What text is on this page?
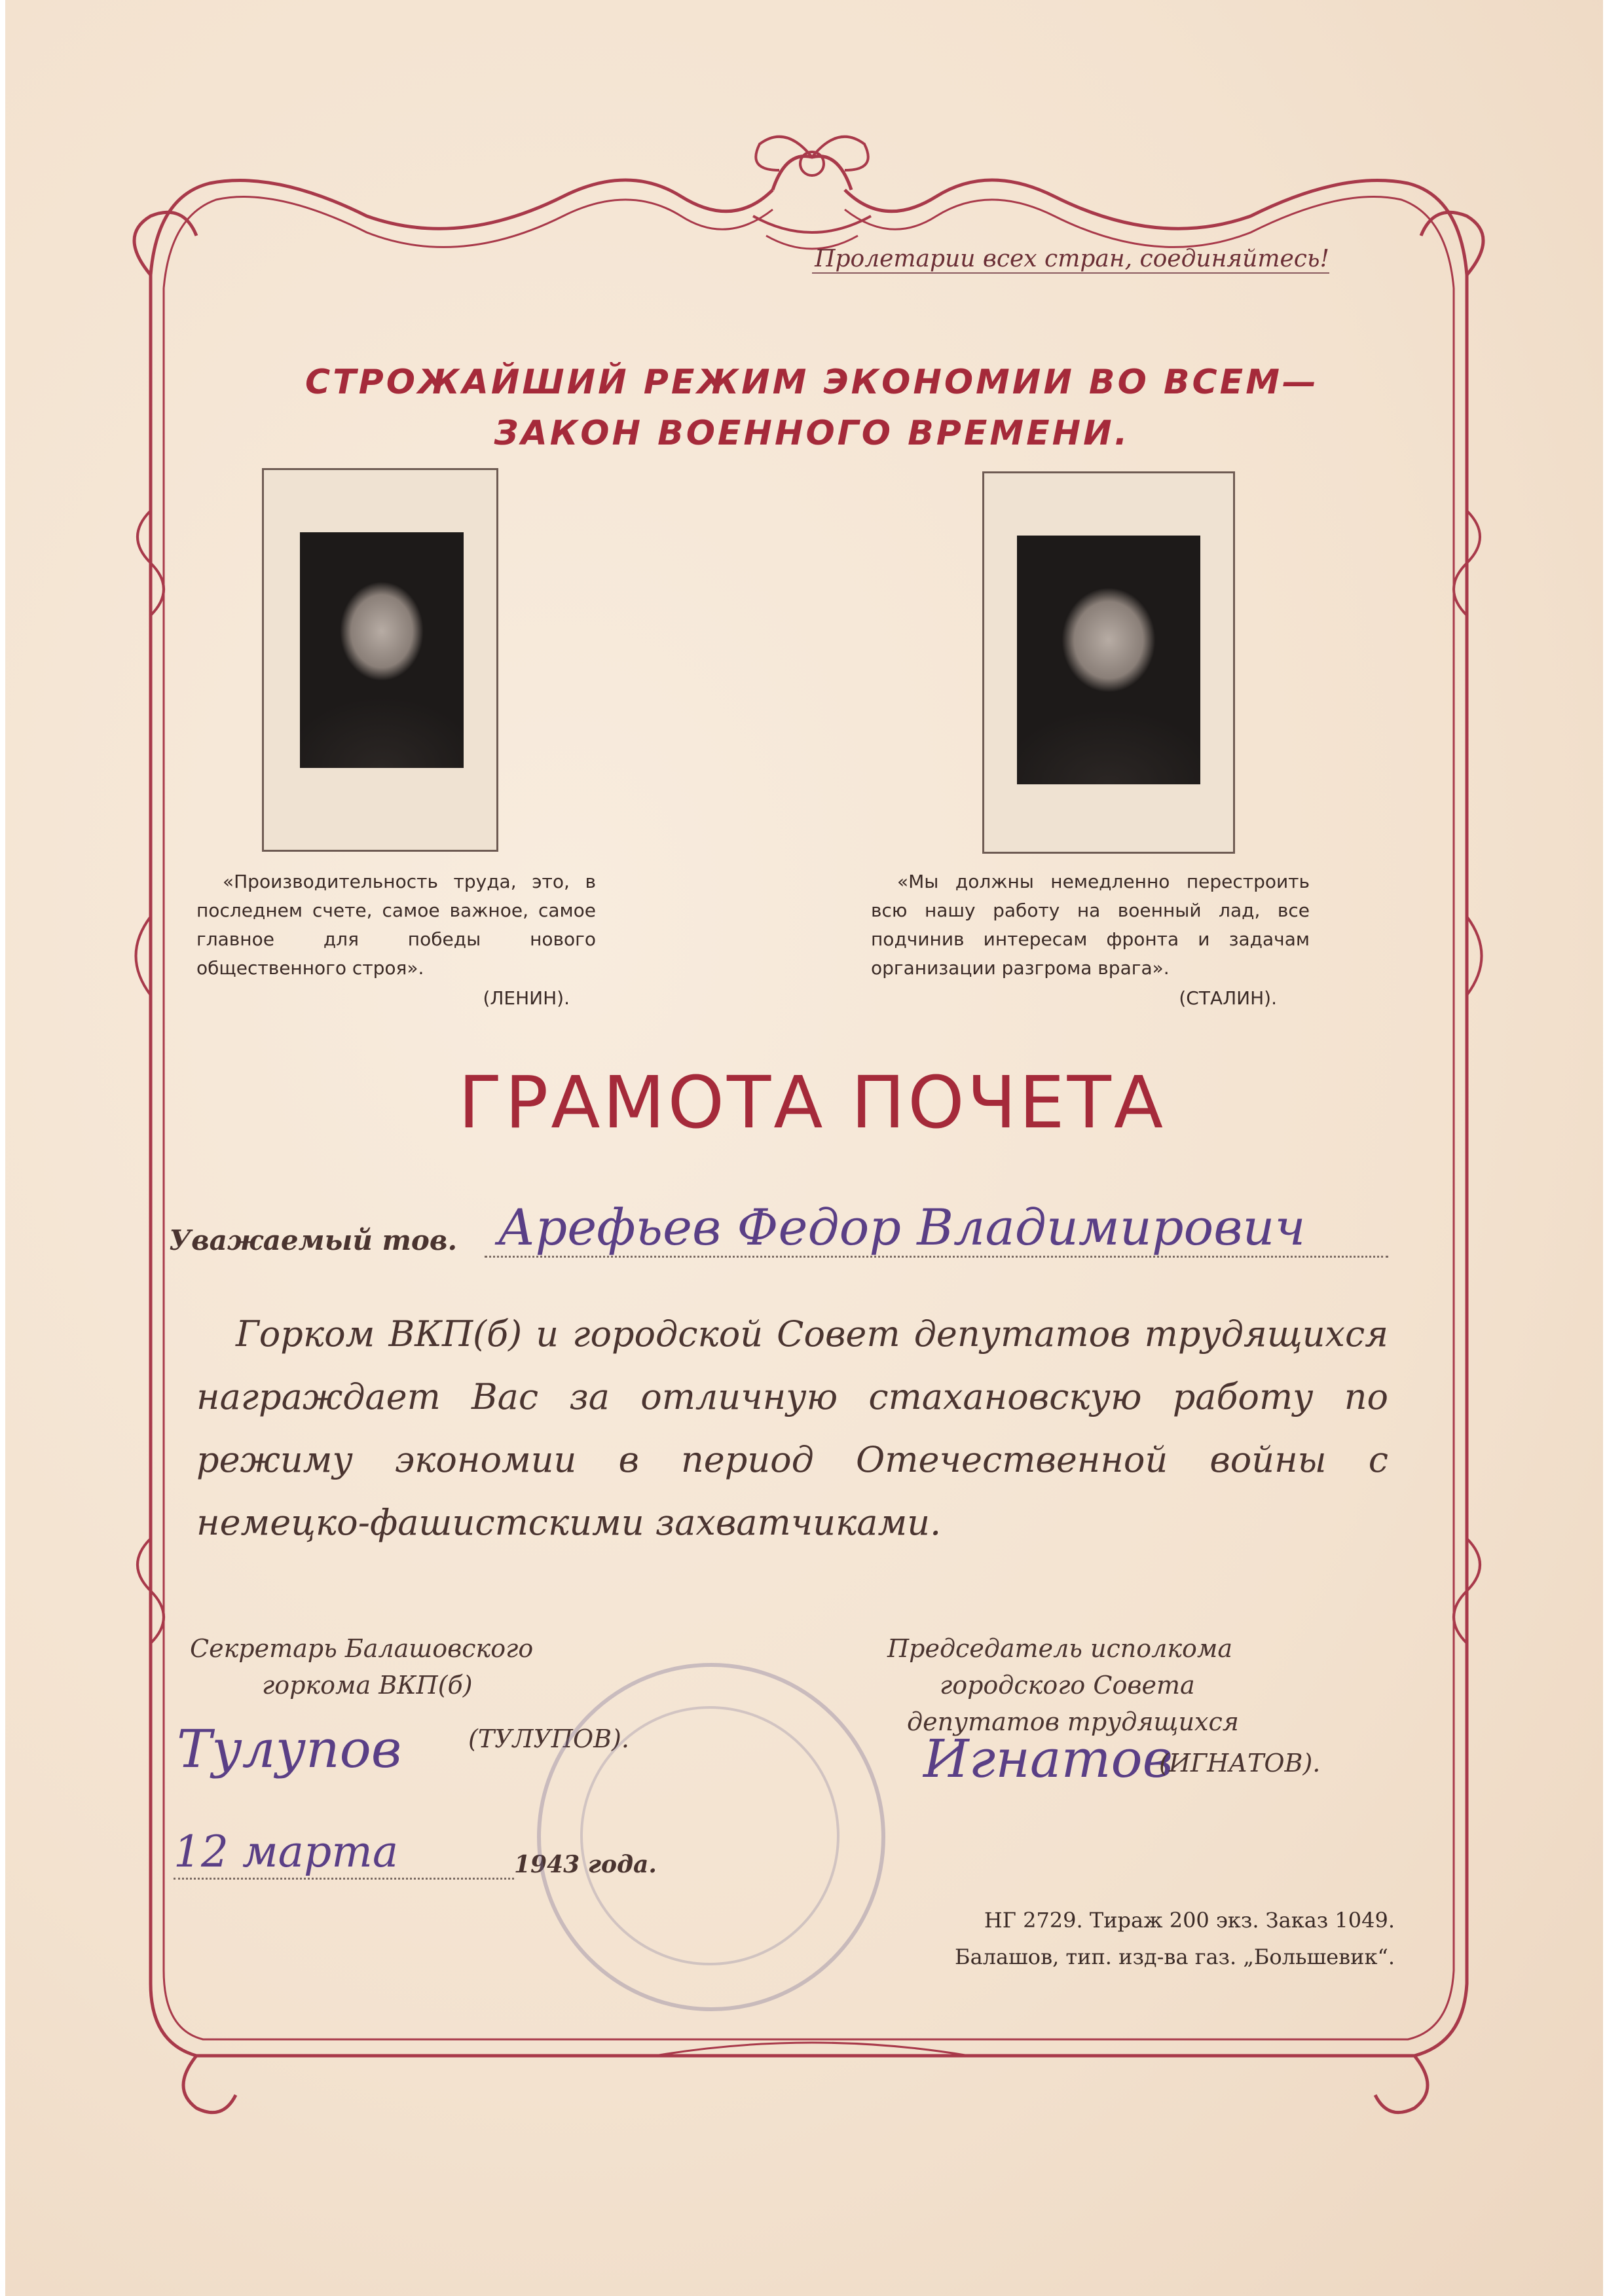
Пролетарии всех стран, соединяйтесь!
СТРОЖАЙШИЙ РЕЖИМ ЭКОНОМИИ ВО ВСЕМ—
ЗАКОН ВОЕННОГО ВРЕМЕНИ.
«Производительность труда, это, в последнем счете, самое важное, самое главное для победы нового общественного строя».
(ЛЕНИН).
«Мы должны немедленно перестроить всю нашу работу на военный лад, все подчинив интересам фронта и задачам организации разгрома врага».
(СТАЛИН).
ГРАМОТА ПОЧЕТА
Уважаемый тов. Арефьев Федор Владимирович
Горком ВКП(б) и городской Совет депутатов трудящихся награждает Вас за отличную стахановскую работу по режиму экономии в период Отечественной войны с немецко-фашистскими захватчиками.
Секретарь Балашовского
горкома ВКП(б)
Тулупов	(ТУЛУПОВ).
12 марта	1943 года.
Председатель исполкома
городского Совета
депутатов трудящихся
Игнатов
(ИГНАТОВ).
НГ 2729. Тираж 200 экз. Заказ 1049.
Балашов, тип. изд-ва газ. „Большевик“.
